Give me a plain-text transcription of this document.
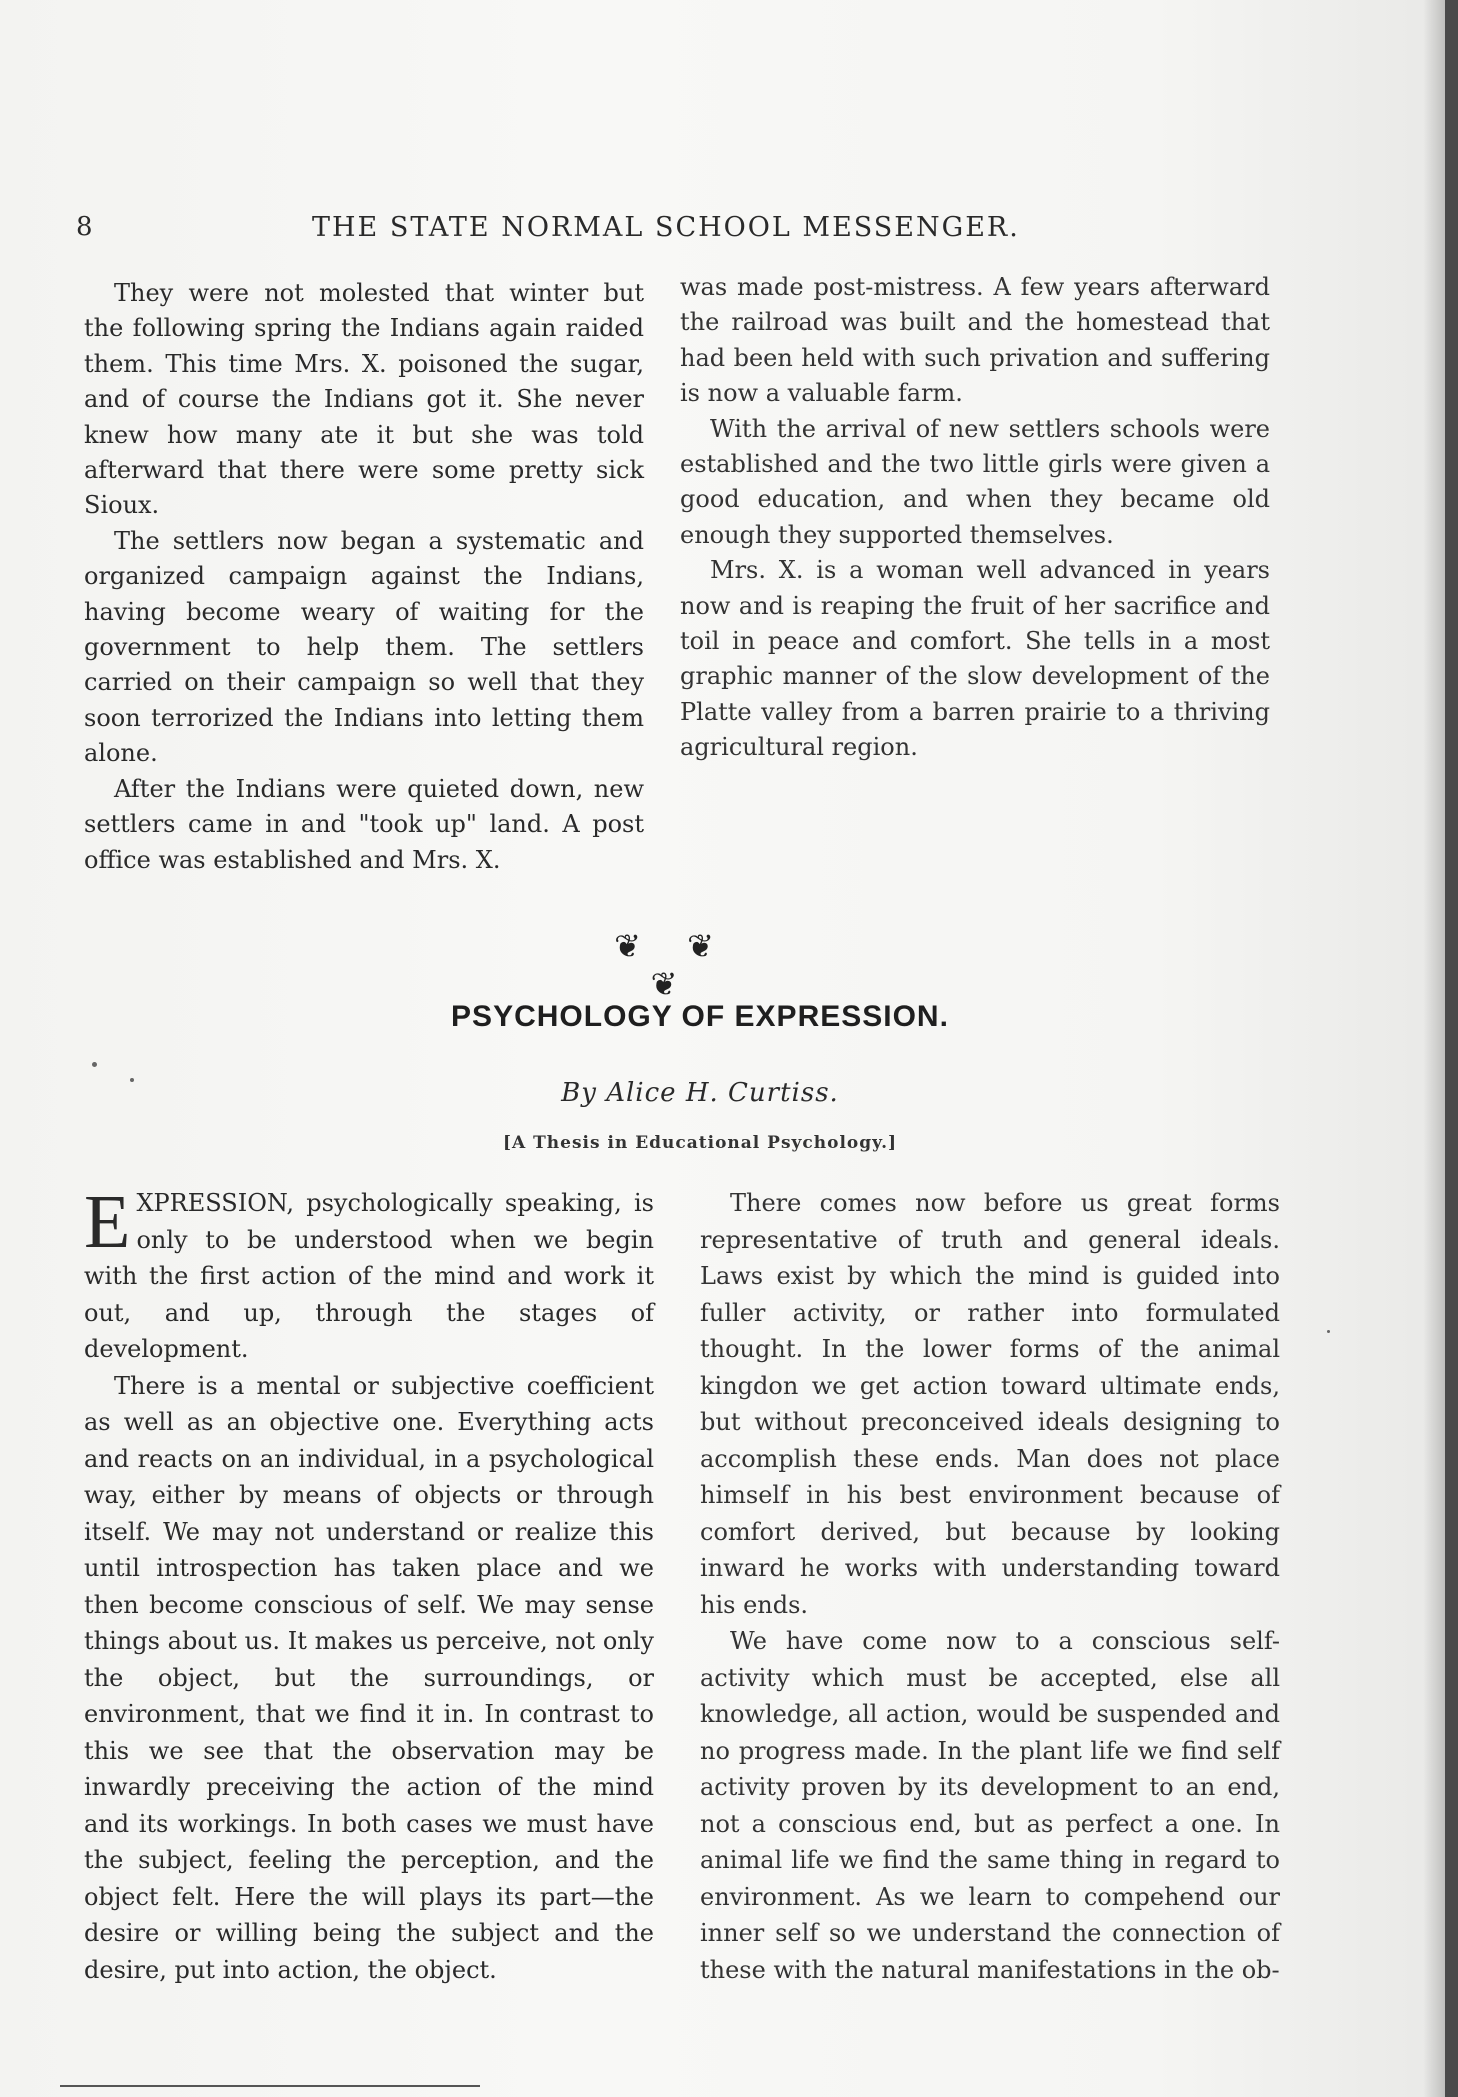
8	THE STATE NORMAL SCHOOL MESSENGER.

They were not molested that winter but the following spring the Indians again raided them. This time Mrs. X. poisoned the sugar, and of course the Indians got it. She never knew how many ate it but she was told afterward that there were some pretty sick Sioux.

The settlers now began a systematic and organized campaign against the Indians, having become weary of waiting for the government to help them. The settlers carried on their campaign so well that they soon terrorized the Indians into letting them alone.

After the Indians were quieted down, new settlers came in and "took up" land. A post office was established and Mrs. X.

was made post-mistress. A few years afterward the railroad was built and the homestead that had been held with such privation and suffering is now a valuable farm.

With the arrival of new settlers schools were established and the two little girls were given a good education, and when they became old enough they supported themselves.

Mrs. X. is a woman well advanced in years now and is reaping the fruit of her sacrifice and toil in peace and comfort. She tells in a most graphic manner of the slow development of the Platte valley from a barren prairie to a thriving agricultural region.

❦ ❦ ❦
PSYCHOLOGY OF EXPRESSION.
By Alice H. Curtiss.
[A Thesis in Educational Psychology.]

EXPRESSION, psychologically speaking, is only to be understood when we begin with the first action of the mind and work it out, and up, through the stages of development.

There is a mental or subjective coefficient as well as an objective one. Everything acts and reacts on an individual, in a psychological way, either by means of objects or through itself. We may not understand or realize this until introspection has taken place and we then become conscious of self. We may sense things about us. It makes us perceive, not only the object, but the surroundings, or environment, that we find it in. In contrast to this we see that the observation may be inwardly preceiving the action of the mind and its workings. In both cases we must have the subject, feeling the perception, and the object felt. Here the will plays its part—the desire or willing being the subject and the desire, put into action, the object.

There comes now before us great forms representative of truth and general ideals. Laws exist by which the mind is guided into fuller activity, or rather into formulated thought. In the lower forms of the animal kingdon we get action toward ultimate ends, but without preconceived ideals designing to accomplish these ends. Man does not place himself in his best environment because of comfort derived, but because by looking inward he works with understanding toward his ends.

We have come now to a conscious self-activity which must be accepted, else all knowledge, all action, would be suspended and no progress made. In the plant life we find self activity proven by its development to an end, not a conscious end, but as perfect a one. In animal life we find the same thing in regard to environment. As we learn to compehend our inner self so we understand the connection of these with the natural manifestations in the ob-
